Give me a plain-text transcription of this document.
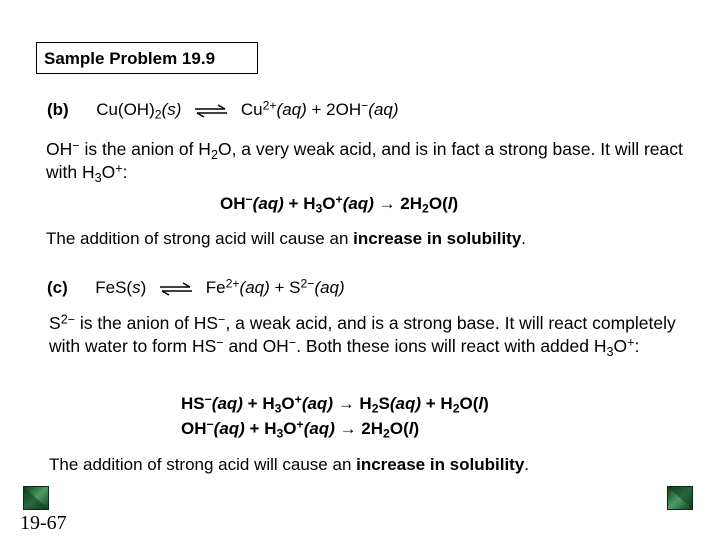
Sample Problem 19.9
(b) $Cu(OH)_2(s)$ ⇌ $Cu^{2+}(aq) + 2OH^-(aq)$
OH− is the anion of $H_2O$, a very weak acid, and is in fact a strong base. It will react with $H_3O^+$:
$OH^-(aq) + H_3O^+(aq) \to 2H_2O(l)$
The addition of strong acid will cause an increase in solubility.
(c) FeS(s) ⇌ $Fe^{2+}(aq) + S^{2-}(aq)$
$S^{2-}$ is the anion of HS−, a weak acid, and is a strong base. It will react completely with water to form HS− and OH−. Both these ions will react with added $H_3O^+$:
$HS^-(aq) + H_3O^+(aq) \to H_2S(aq) + H_2O(l)$
$OH^-(aq) + H_3O^+(aq) \to 2H_2O(l)$
The addition of strong acid will cause an increase in solubility.
19-67
